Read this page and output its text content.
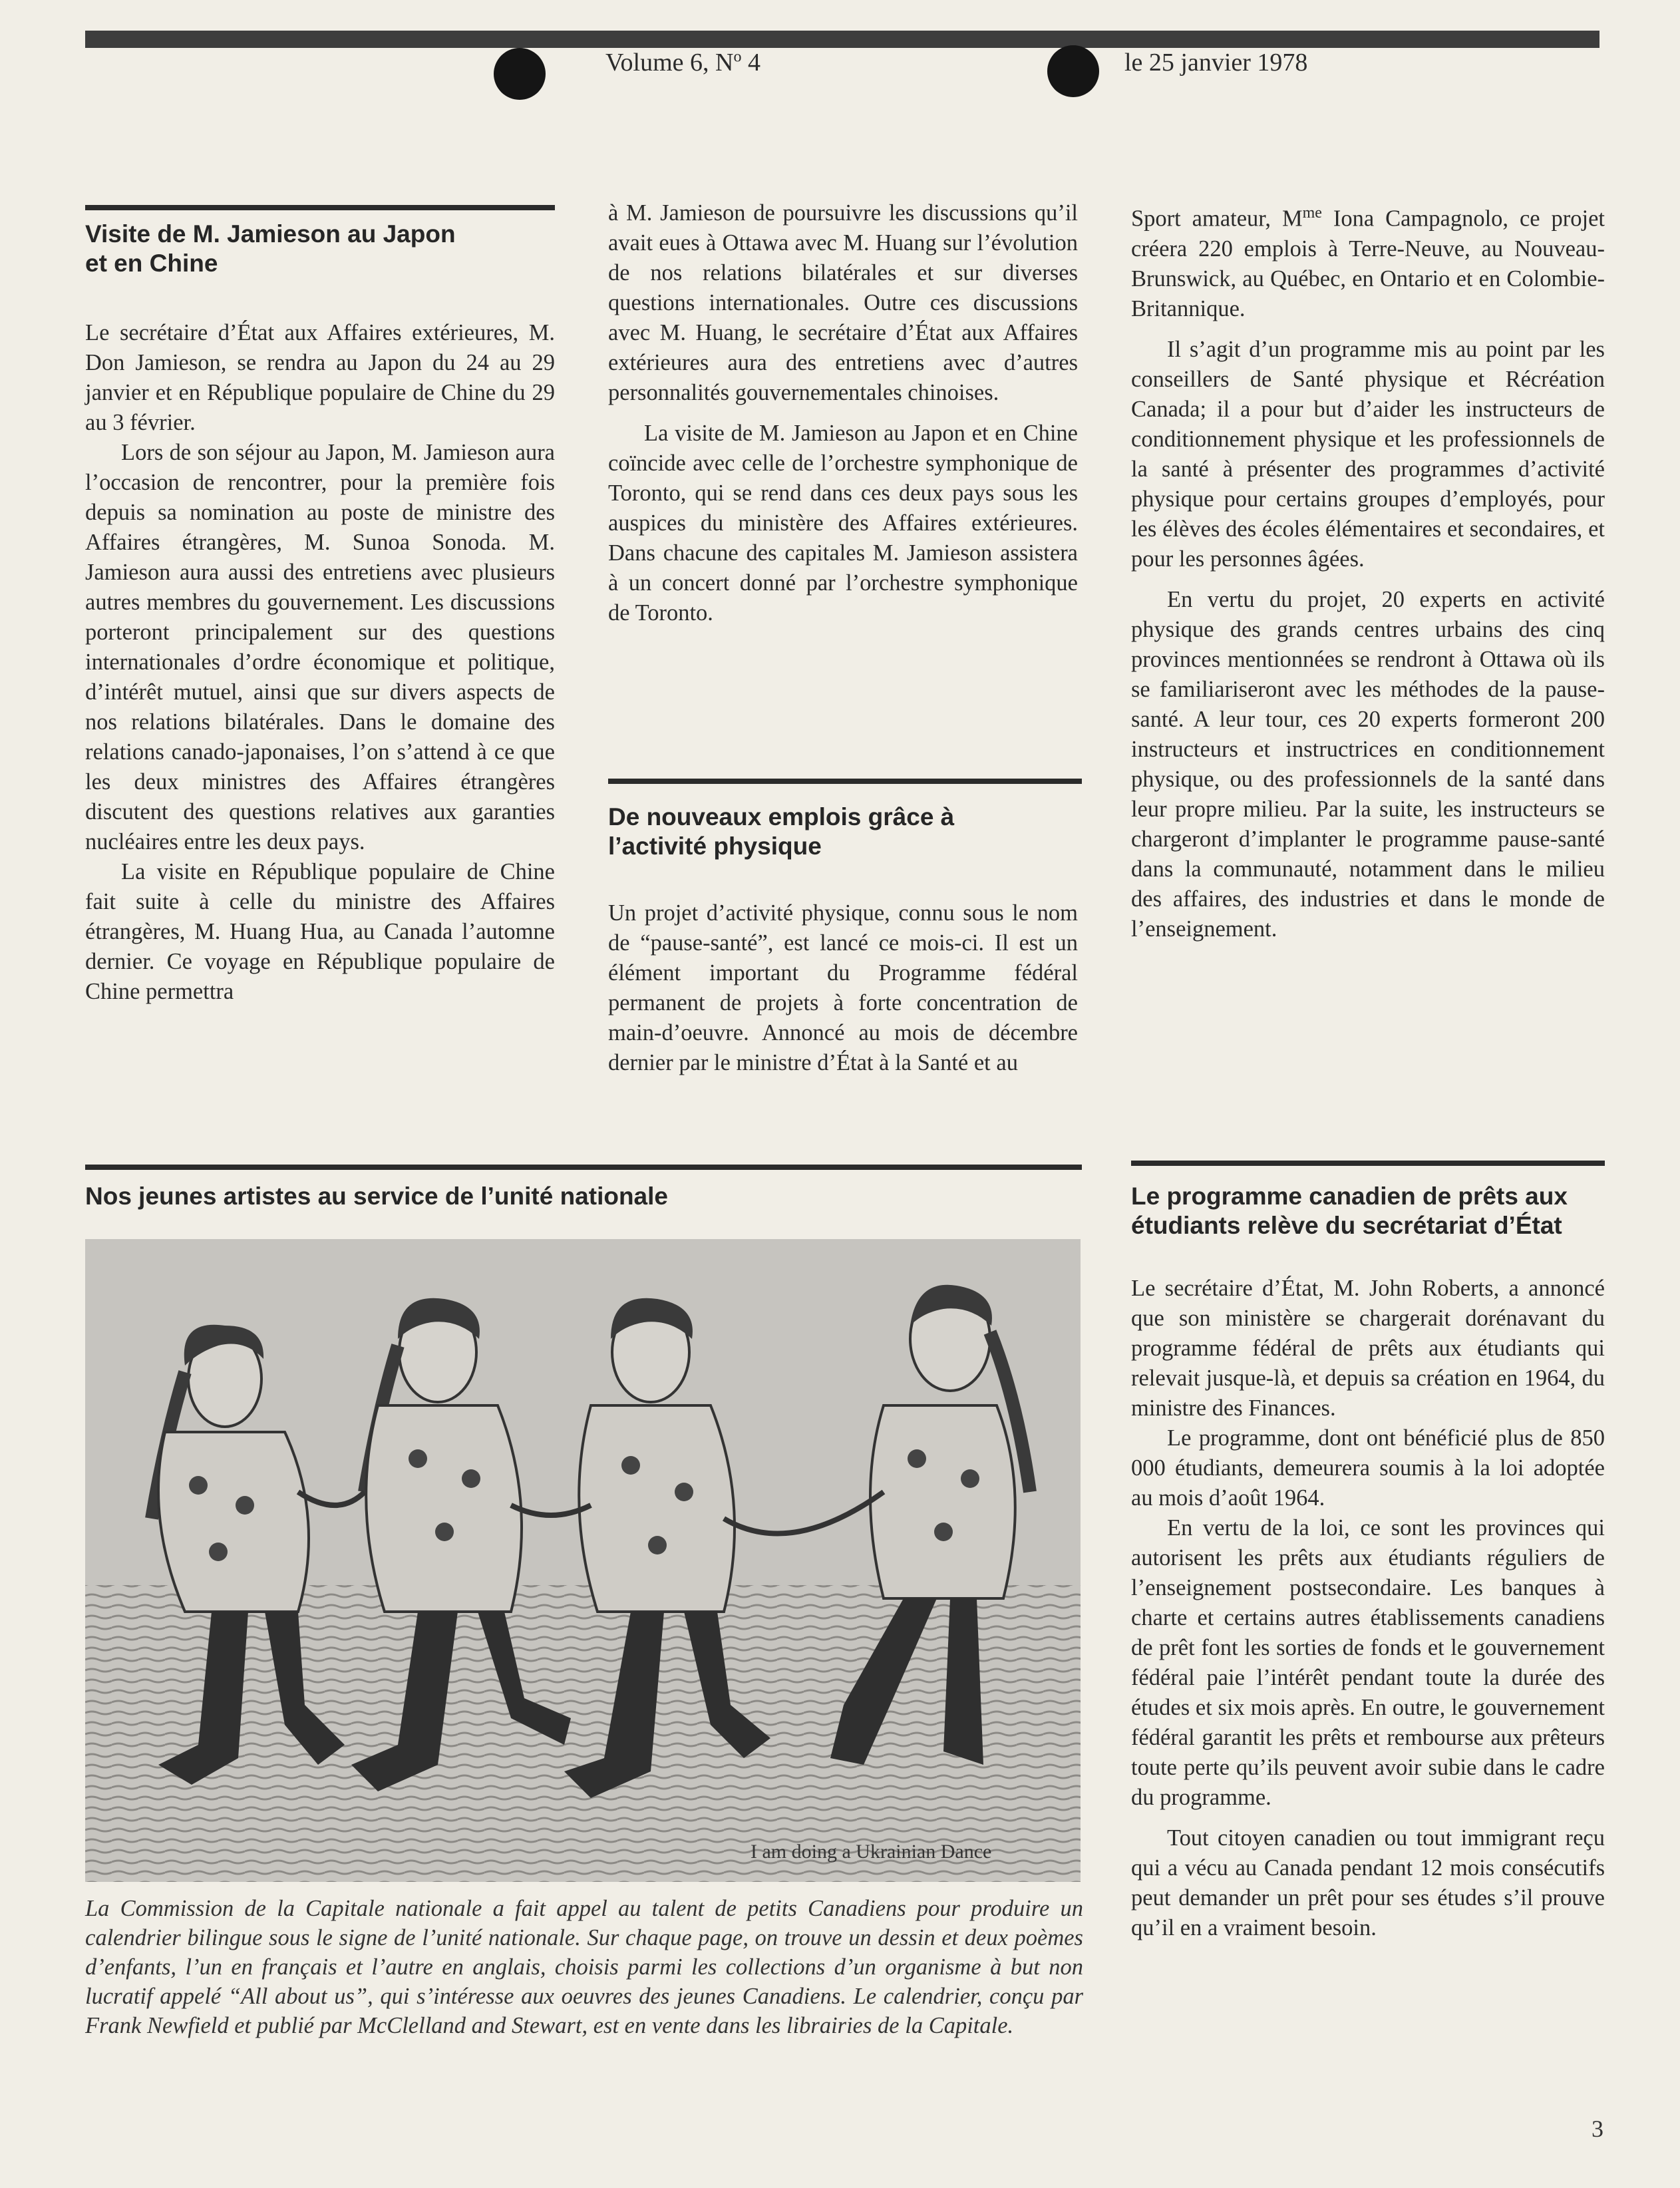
Volume 6, $N^o$ 4	le 25 janvier 1978
Visite de M. Jamieson au Japon
et en Chine

Le secrétaire d’État aux Affaires extérieures, M. Don Jamieson, se rendra au Japon du 24 au 29 janvier et en République populaire de Chine du 29 au 3 février.

Lors de son séjour au Japon, M. Jamieson aura l’occasion de rencontrer, pour la première fois depuis sa nomination au poste de ministre des Affaires étrangères, M. Sunoa Sonoda. M. Jamieson aura aussi des entretiens avec plusieurs autres membres du gouvernement. Les discussions porteront principalement sur des questions internationales d’ordre économique et politique, d’intérêt mutuel, ainsi que sur divers aspects de nos relations bilatérales. Dans le domaine des relations canado-japonaises, l’on s’attend à ce que les deux ministres des Affaires étrangères discutent des questions relatives aux garanties nucléaires entre les deux pays.

La visite en République populaire de Chine fait suite à celle du ministre des Affaires étrangères, M. Huang Hua, au Canada l’automne dernier. Ce voyage en République populaire de Chine permettra

à M. Jamieson de poursuivre les discussions qu’il avait eues à Ottawa avec M. Huang sur l’évolution de nos relations bilatérales et sur diverses questions internationales. Outre ces discussions avec M. Huang, le secrétaire d’État aux Affaires extérieures aura des entretiens avec d’autres personnalités gouvernementales chinoises.

La visite de M. Jamieson au Japon et en Chine coïncide avec celle de l’orchestre symphonique de Toronto, qui se rend dans ces deux pays sous les auspices du ministère des Affaires extérieures. Dans chacune des capitales M. Jamieson assistera à un concert donné par l’orchestre symphonique de Toronto.

De nouveaux emplois grâce à
l’activité physique

Un projet d’activité physique, connu sous le nom de “pause-santé”, est lancé ce mois-ci. Il est un élément important du Programme fédéral permanent de projets à forte concentration de main-d’oeuvre. Annoncé au mois de décembre dernier par le ministre d’État à la Santé et au

Sport amateur, $M^{me}$ Iona Campagnolo, ce projet créera 220 emplois à Terre-Neuve, au Nouveau-Brunswick, au Québec, en Ontario et en Colombie-Britannique.

Il s’agit d’un programme mis au point par les conseillers de Santé physique et Récréation Canada; il a pour but d’aider les instructeurs de conditionnement physique et les professionnels de la santé à présenter des programmes d’activité physique pour certains groupes d’employés, pour les élèves des écoles élémentaires et secondaires, et pour les personnes âgées.

En vertu du projet, 20 experts en activité physique des grands centres urbains des cinq provinces mentionnées se rendront à Ottawa où ils se familiariseront avec les méthodes de la pause-santé. A leur tour, ces 20 experts formeront 200 instructeurs et instructrices en conditionnement physique, ou des professionnels de la santé dans leur propre milieu. Par la suite, les instructeurs se chargeront d’implanter le programme pause-santé dans la communauté, notamment dans le milieu des affaires, des industries et dans le monde de l’enseignement.

Nos jeunes artistes au service de l’unité nationale
I am doing a Ukrainian Dance
La Commission de la Capitale nationale a fait appel au talent de petits Canadiens pour produire un calendrier bilingue sous le signe de l’unité nationale. Sur chaque page, on trouve un dessin et deux poèmes d’enfants, l’un en français et l’autre en anglais, choisis parmi les collections d’un organisme à but non lucratif appelé “All about us”, qui s’intéresse aux oeuvres des jeunes Canadiens. Le calendrier, conçu par Frank Newfield et publié par McClelland and Stewart, est en vente dans les librairies de la Capitale.
Le programme canadien de prêts aux
étudiants relève du secrétariat d’État

Le secrétaire d’État, M. John Roberts, a annoncé que son ministère se chargerait dorénavant du programme fédéral de prêts aux étudiants qui relevait jusque-là, et depuis sa création en 1964, du ministre des Finances.

Le programme, dont ont bénéficié plus de 850 000 étudiants, demeurera soumis à la loi adoptée au mois d’août 1964.

En vertu de la loi, ce sont les provinces qui autorisent les prêts aux étudiants réguliers de l’enseignement postsecondaire. Les banques à charte et certains autres établissements canadiens de prêt font les sorties de fonds et le gouvernement fédéral paie l’intérêt pendant toute la durée des études et six mois après. En outre, le gouvernement fédéral garantit les prêts et rembourse aux prêteurs toute perte qu’ils peuvent avoir subie dans le cadre du programme.

Tout citoyen canadien ou tout immigrant reçu qui a vécu au Canada pendant 12 mois consécutifs peut demander un prêt pour ses études s’il prouve qu’il en a vraiment besoin.

3
